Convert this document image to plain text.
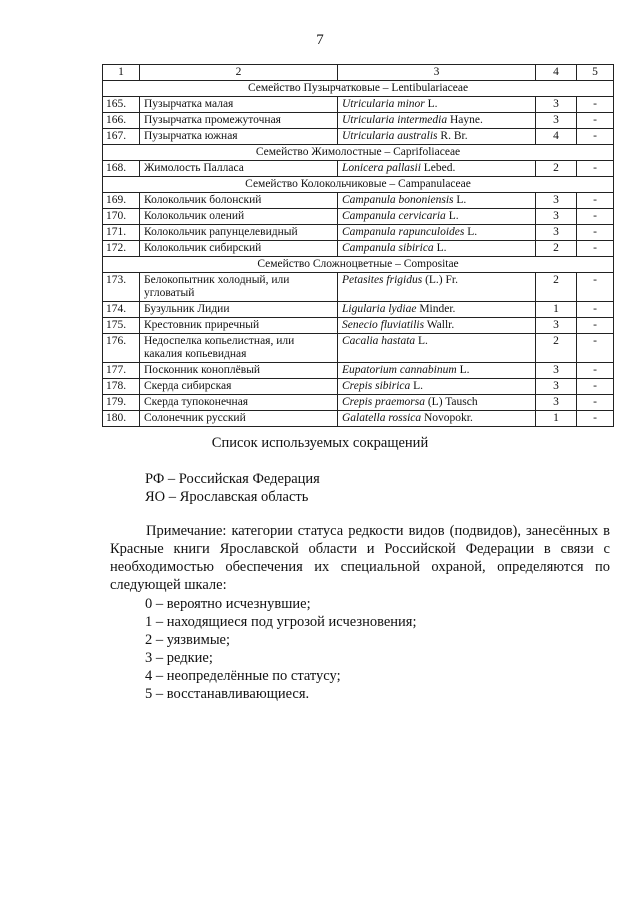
7
1	2	3	4	5
Семейство Пузырчатковые – Lentibulariaceae				
165.	Пузырчатка малая	Utricularia minor L.	3	-
166.	Пузырчатка промежуточная	Utricularia intermedia Hayne.	3	-
167.	Пузырчатка южная	Utricularia australis R. Br.	4	-
Семейство Жимолостные – Caprifoliaceae				
168.	Жимолость Палласа	Lonicera pallasii Lebed.	2	-
Семейство Колокольчиковые – Campanulaceae				
169.	Колокольчик болонский	Campanula bononiensis L.	3	-
170.	Колокольчик олений	Campanula cervicaria L.	3	-
171.	Колокольчик рапунцелевидный	Campanula rapunculoides L.	3	-
172.	Колокольчик сибирский	Campanula sibirica L.	2	-
Семейство Сложноцветные – Compositae				
173.	Белокопытник холодный, или угловатый	Petasites frigidus (L.) Fr.	2	-
174.	Бузульник Лидии	Ligularia lydiae Minder.	1	-
175.	Крестовник приречный	Senecio fluviatilis Wallr.	3	-
176.	Недоспелка копьелистная, или какалия копьевидная	Cacalia hastata L.	2	-
177.	Посконник коноплёвый	Eupatorium cannabinum L.	3	-
178.	Скерда сибирская	Crepis sibirica L.	3	-
179.	Скерда тупоконечная	Crepis praemorsa (L) Tausch	3	-
180.	Солонечник русский	Galatella rossica Novopokr.	1	-
Список используемых сокращений
РФ – Российская Федерация
ЯО – Ярославская область

Примечание: категории статуса редкости видов (подвидов), занесённых в Красные книги Ярославской области и Российской Федерации в связи с необходимостью обеспечения их специальной охраной, определяются по следующей шкале:

0 – вероятно исчезнувшие;
1 – находящиеся под угрозой исчезновения;
2 – уязвимые;
3 – редкие;
4 – неопределённые по статусу;
5 – восстанавливающиеся.
